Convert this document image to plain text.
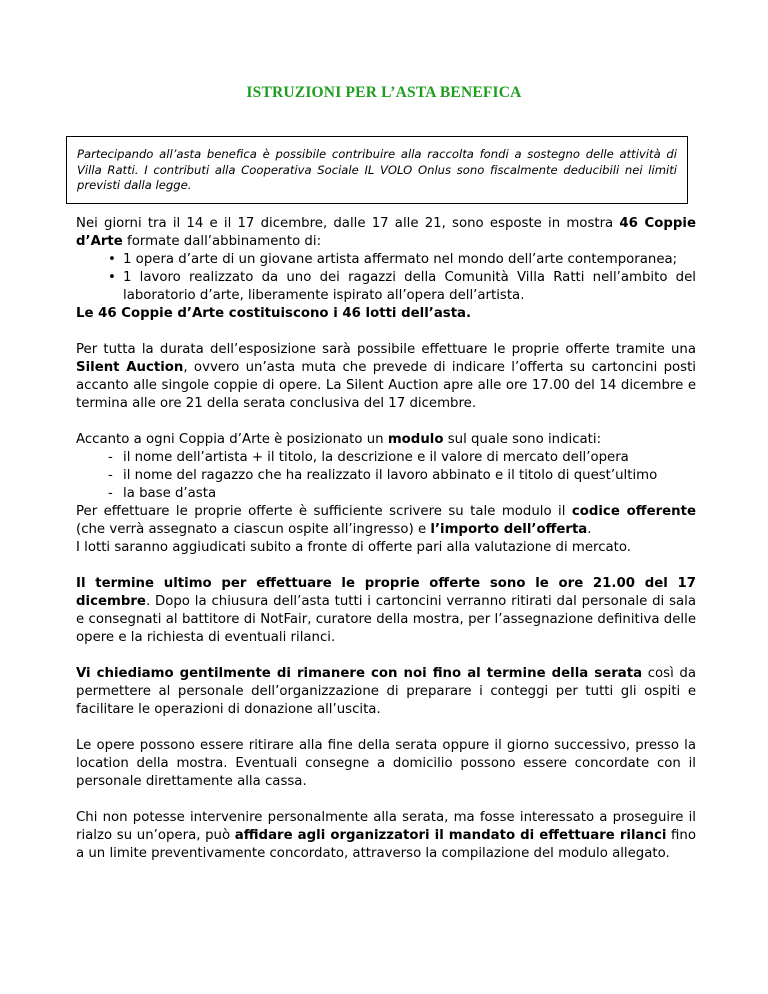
ISTRUZIONI PER L’ASTA BENEFICA
Partecipando all’asta benefica è possibile contribuire alla raccolta fondi a sostegno delle attività di Villa Ratti. I contributi alla Cooperativa Sociale IL VOLO Onlus sono fiscalmente deducibili nei limiti previsti dalla legge.

Nei giorni tra il 14 e il 17 dicembre, dalle 17 alle 21, sono esposte in mostra 46 Coppie d’Arte formate dall’abbinamento di:

• 1 opera d’arte di un giovane artista affermato nel mondo dell’arte contemporanea;
• 1 lavoro realizzato da uno dei ragazzi della Comunità Villa Ratti nell’ambito del laboratorio d’arte, liberamente ispirato all’opera dell’artista.

Le 46 Coppie d’Arte costituiscono i 46 lotti dell’asta.

Per tutta la durata dell’esposizione sarà possibile effettuare le proprie offerte tramite una Silent Auction, ovvero un’asta muta che prevede di indicare l’offerta su cartoncini posti accanto alle singole coppie di opere. La Silent Auction apre alle ore 17.00 del 14 dicembre e termina alle ore 21 della serata conclusiva del 17 dicembre.

Accanto a ogni Coppia d’Arte è posizionato un modulo sul quale sono indicati:

- il nome dell’artista + il titolo, la descrizione e il valore di mercato dell’opera
- il nome del ragazzo che ha realizzato il lavoro abbinato e il titolo di quest’ultimo
- la base d’asta

Per effettuare le proprie offerte è sufficiente scrivere su tale modulo il codice offerente (che verrà assegnato a ciascun ospite all’ingresso) e l’importo dell’offerta.

I lotti saranno aggiudicati subito a fronte di offerte pari alla valutazione di mercato.

Il termine ultimo per effettuare le proprie offerte sono le ore 21.00 del 17 dicembre. Dopo la chiusura dell’asta tutti i cartoncini verranno ritirati dal personale di sala e consegnati al battitore di NotFair, curatore della mostra, per l’assegnazione definitiva delle opere e la richiesta di eventuali rilanci.

Vi chiediamo gentilmente di rimanere con noi fino al termine della serata così da permettere al personale dell’organizzazione di preparare i conteggi per tutti gli ospiti e facilitare le operazioni di donazione all’uscita.

Le opere possono essere ritirare alla fine della serata oppure il giorno successivo, presso la location della mostra. Eventuali consegne a domicilio possono essere concordate con il personale direttamente alla cassa.

Chi non potesse intervenire personalmente alla serata, ma fosse interessato a proseguire il rialzo su un’opera, può affidare agli organizzatori il mandato di effettuare rilanci fino a un limite preventivamente concordato, attraverso la compilazione del modulo allegato.
